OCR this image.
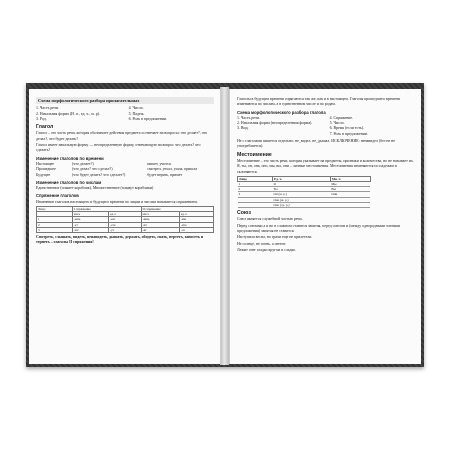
Схема морфологического разбора прилагательных
1. Часть речи.
2. Начальная форма (И. п., ед. ч., м. р).
3. Род.
4. Число.
5. Падеж.
6. Роль в предложении.
Глагол
Глагол – это часть речи, которая обозначает действия предмета и отвечает на вопросы: что делает?, что делал?, что будет делать?
Глагол имеет начальную форму — неопределенную форму, отвечающую на вопрос что делать? что сделать?
Изменение глаголов по времени
Настоящее	(что делает?)	пишет, учится
Прошедшее	(что делал? что сделал?)	смотрел, уехал, ушла, пришла
Будущее	(что будет делать? что сделает?)	будет верить, примет
Изменение глаголов по числам
Единственное (плывет кораблик), Множественное (плывут кораблики)
Спряжение глаголов
Изменение глаголов настоящего и будущего времени по лицам и числам называется спряжением.
Лицо	I спряжение		II спряжение	
	мн.ч	ед.ч	мн.ч	ед.ч
1	-ешь	-ем	-ишь	-им
2	-ет	-ете	-ит	-ите
3	-ют	-ут	-ят	-ат
Смотреть, слышать, видеть, ненавидеть, дышать, держать, обидеть, гнать, вертеть, зависеть и терпеть – глаголы II спряжения!
Глаголы в будущем времени спрягаются так же, как и в настоящем. Глаголы прошедшего времени изменяются по числам, а в единственном числе и по родам.
Схема морфологического разбора глагола
1. Часть речи.
2. Начальная форма (неопределенная форма).
3. Вид.
4. Спряжение.
5. Число.
6. Время (если есть).
7. Роль в предложении.
Не с глаголами пишется отдельно: не_видел, не_дышал. ИСКЛЮЧЕНИЕ: ненавидел (без не не употребляется).
Местоимение
Местоимение – это часть речи, которая указывает на предметы, признаки и количества, но не называет их. Я, ты, он, она, оно, мы, вы, они – личные местоимения. Местоимения изменяются по падежам и склоняются.
Лицо	Ед. ч.	Мн. ч.
1	Я	Мы
2	Ты	Вы
3	Он (м. р.)	Они
	Она (ж. р.)	
	Оно (ср. р.)	
Союз
Союз является служебной частью речи.
Перед союзами а и но в сложном ставится запятая, перед союзом и (между однородными членами предложения) запятая не ставится.
Наступила весна, но грачи еще не прилетели.
Не солнце, не огонь, а светит.
Лежит снег гладко кругом и сладко.
